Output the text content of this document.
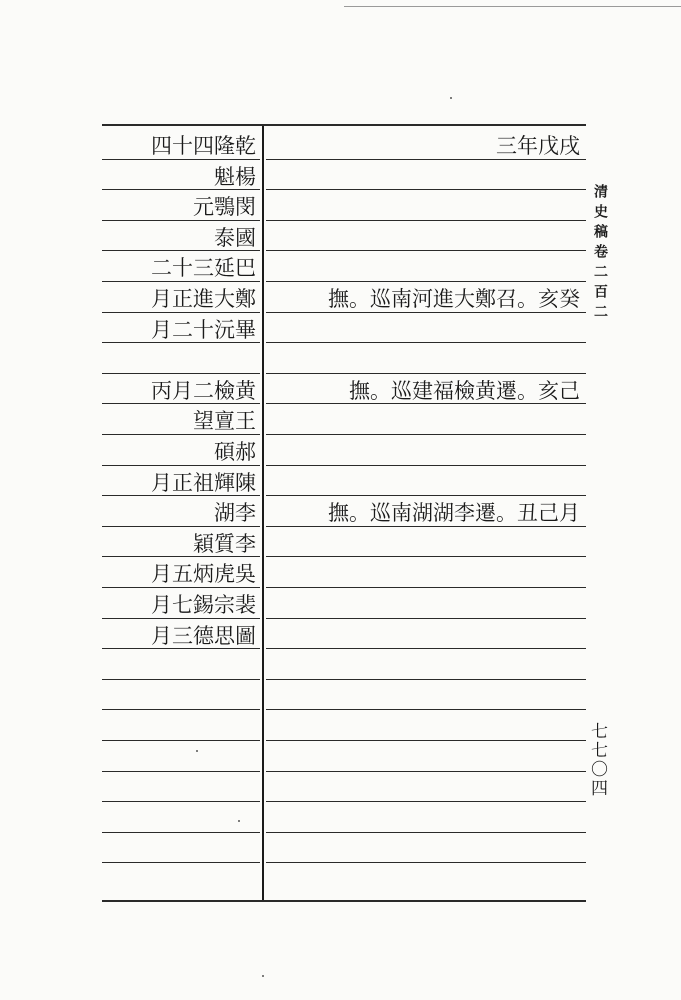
四十四隆乾	三年戊戌
魁楊
元鶚閔
泰國
二十三延巴
月正進大鄭	撫。巡南河進大鄭召。亥癸
月二十沅畢
丙月二檢黄	撫。巡建福檢黄遷。亥己
望亶王
碩郝
月正祖輝陳
湖李	撫。巡南湖湖李遷。丑己月
穎質李
月五炳虎吳
月七錫宗裴
月三德思圖
清史稿卷二百二
七七〇四
